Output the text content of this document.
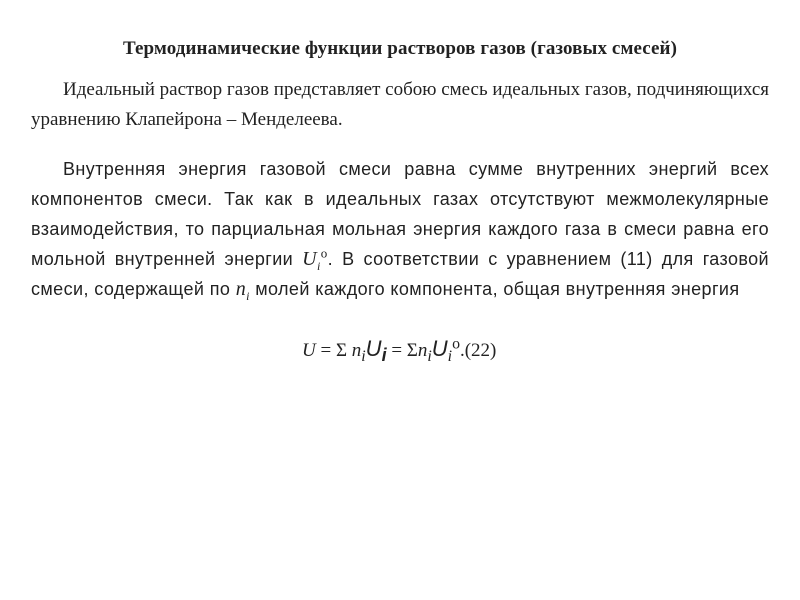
Термодинамические функции растворов газов (газовых смесей)

Идеальный раствор газов представляет собою смесь идеальных газов, подчиняющихся уравнению Клапейрона – Менделеева.

Внутренняя энергия газовой смеси равна сумме внутренних энергий всех компонентов смеси. Так как в идеальных газах отсутствуют межмолекулярные взаимодействия, то парциальная мольная энергия каждого газа в смеси равна его мольной внутренней энергии $U_i^o$. В соответствии с уравнением (11) для газовой смеси, содержащей по $n_i$ молей каждого компонента, общая внутренняя энергия

U = Σ $n_iU_i = \Sigma n_iU_i^o.(22)$
